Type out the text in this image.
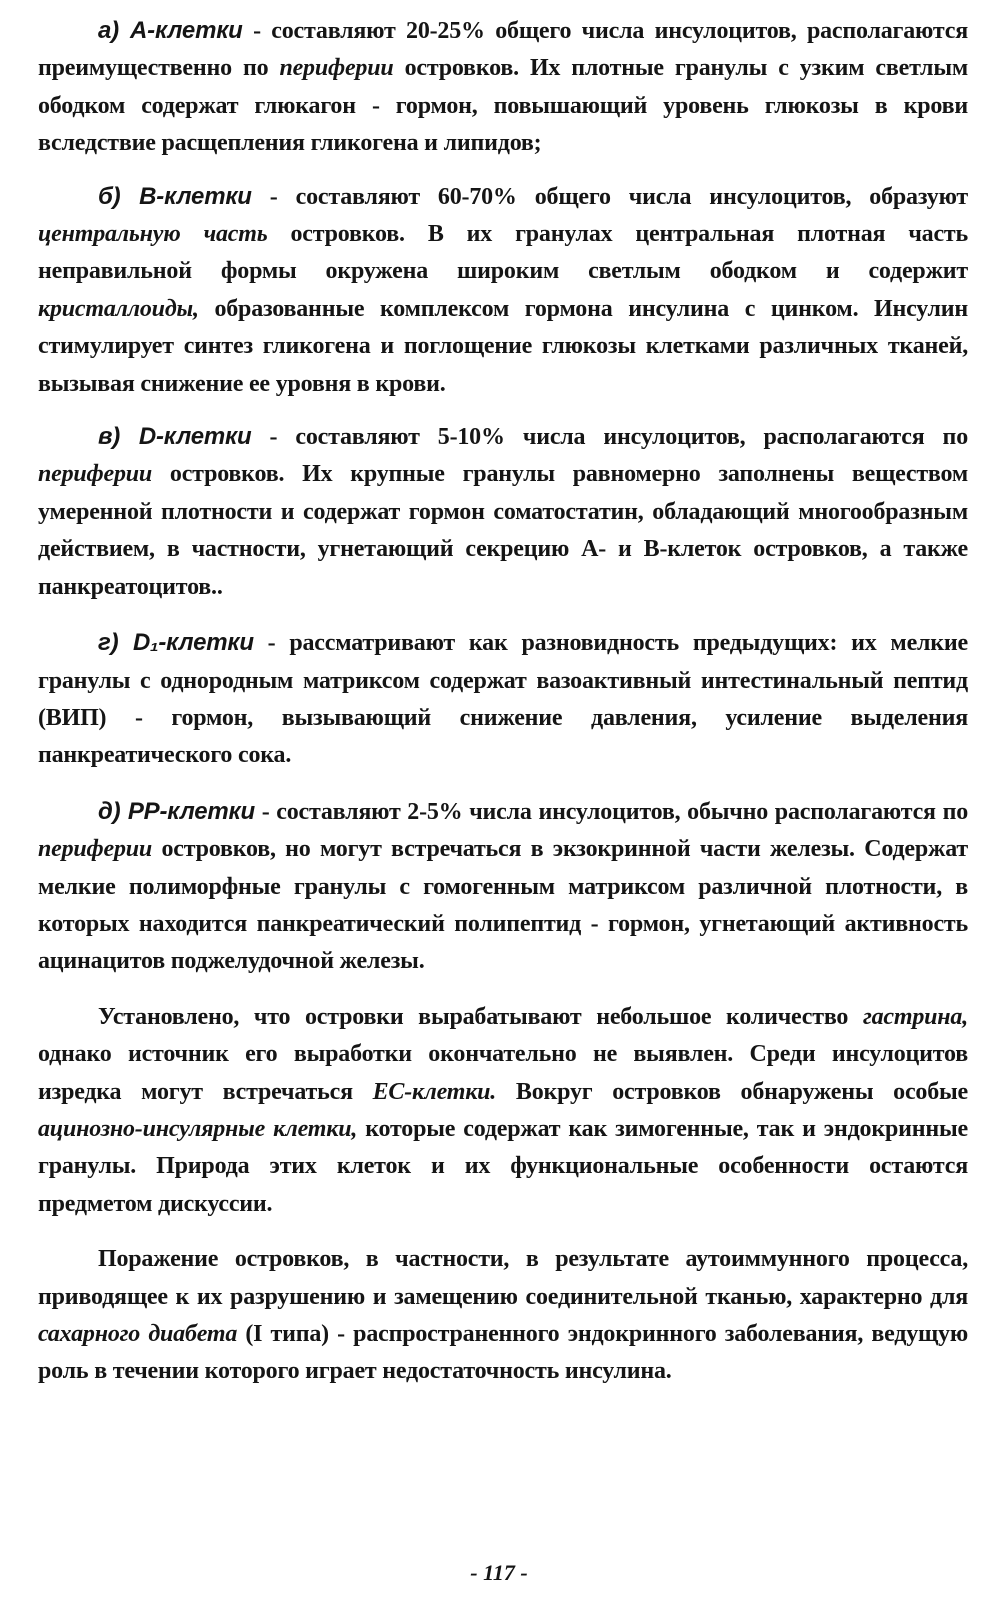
а) А-клетки - составляют 20-25% общего числа инсулоцитов, располагаются преимущественно по периферии островков. Их плотные гранулы с узким светлым ободком содержат глюкагон - гормон, повышающий уровень глюкозы в крови вследствие расщепления гликогена и липидов;

б) В-клетки - составляют 60-70% общего числа инсулоцитов, образуют центральную часть островков. В их гранулах центральная плотная часть неправильной формы окружена широким светлым ободком и содержит кристаллоиды, образованные комплексом гормона инсулина с цинком. Инсулин стимулирует синтез гликогена и поглощение глюкозы клетками различных тканей, вызывая снижение ее уровня в крови.

в) D-клетки - составляют 5-10% числа инсулоцитов, располагаются по периферии островков. Их крупные гранулы равномерно заполнены веществом умеренной плотности и содержат гормон соматостатин, обладающий многообразным действием, в частности, угнетающий секрецию А- и В-клеток островков, а также панкреатоцитов..

г) D₁-клетки - рассматривают как разновидность предыдущих: их мелкие гранулы с однородным матриксом содержат вазоактивный интестинальный пептид (ВИП) - гормон, вызывающий снижение давления, усиление выделения панкреатического сока.

д) РР-клетки - составляют 2-5% числа инсулоцитов, обычно располагаются по периферии островков, но могут встречаться в экзокринной части железы. Содержат мелкие полиморфные гранулы с гомогенным матриксом различной плотности, в которых находится панкреатический полипептид - гормон, угнетающий активность ацинацитов поджелудочной железы.

Установлено, что островки вырабатывают небольшое количество гастрина, однако источник его выработки окончательно не выявлен. Среди инсулоцитов изредка могут встречаться ЕС-клетки. Вокруг островков обнаружены особые ацинозно-инсулярные клетки, которые содержат как зимогенные, так и эндокринные гранулы. Природа этих клеток и их функциональные особенности остаются предметом дискуссии.

Поражение островков, в частности, в результате аутоиммунного процесса, приводящее к их разрушению и замещению соединительной тканью, характерно для сахарного диабета (I типа) - распространенного эндокринного заболевания, ведущую роль в течении которого играет недостаточность инсулина.

- 117 -
